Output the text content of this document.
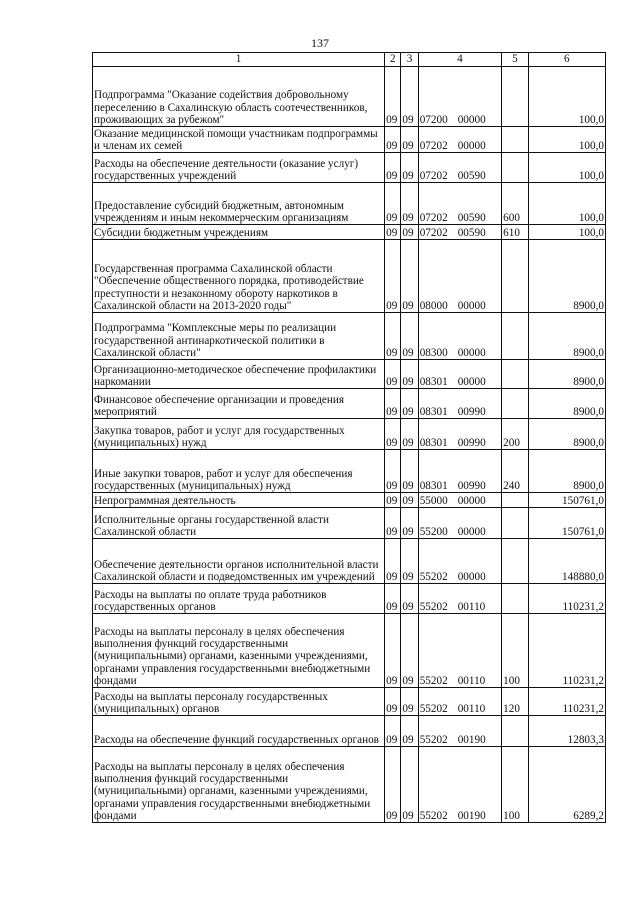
137
1	2	3	4	5	6
Подпрограмма "Оказание содействия добровольному переселению в Сахалинскую область соотечественников, проживающих за рубежом"	09	09	07200 00000		100,0
Оказание медицинской помощи участникам подпрограммы и членам их семей	09	09	07202 00000		100,0
Расходы на обеспечение деятельности (оказание услуг) государственных учреждений	09	09	07202 00590		100,0
Предоставление субсидий бюджетным, автономным учреждениям и иным некоммерческим организациям	09	09	07202 00590	600	100,0
Субсидии бюджетным учреждениям	09	09	07202 00590	610	100,0
Государственная программа Сахалинской области "Обеспечение общественного порядка, противодействие преступности и незаконному обороту наркотиков в Сахалинской области на 2013-2020 годы"	09	09	08000 00000		8900,0
Подпрограмма "Комплексные меры по реализации государственной антинаркотической политики в Сахалинской области"	09	09	08300 00000		8900,0
Организационно-методическое обеспечение профилактики наркомании	09	09	08301 00000		8900,0
Финансовое обеспечение организации и проведения мероприятий	09	09	08301 00990		8900,0
Закупка товаров, работ и услуг для государственных (муниципальных) нужд	09	09	08301 00990	200	8900,0
Иные закупки товаров, работ и услуг для обеспечения государственных (муниципальных) нужд	09	09	08301 00990	240	8900,0
Непрограммная деятельность	09	09	55000 00000		150761,0
Исполнительные органы государственной власти Сахалинской области	09	09	55200 00000		150761,0
Обеспечение деятельности органов исполнительной власти Сахалинской области и подведомственных им учреждений	09	09	55202 00000		148880,0
Расходы на выплаты по оплате труда работников государственных органов	09	09	55202 00110		110231,2
Расходы на выплаты персоналу в целях обеспечения выполнения функций государственными (муниципальными) органами, казенными учреждениями, органами управления государственными внебюджетными фондами	09	09	55202 00110	100	110231,2
Расходы на выплаты персоналу государственных (муниципальных) органов	09	09	55202 00110	120	110231,2
Расходы на обеспечение функций государственных органов	09	09	55202 00190		12803,3
Расходы на выплаты персоналу в целях обеспечения выполнения функций государственными (муниципальными) органами, казенными учреждениями, органами управления государственными внебюджетными фондами	09	09	55202 00190	100	6289,2
